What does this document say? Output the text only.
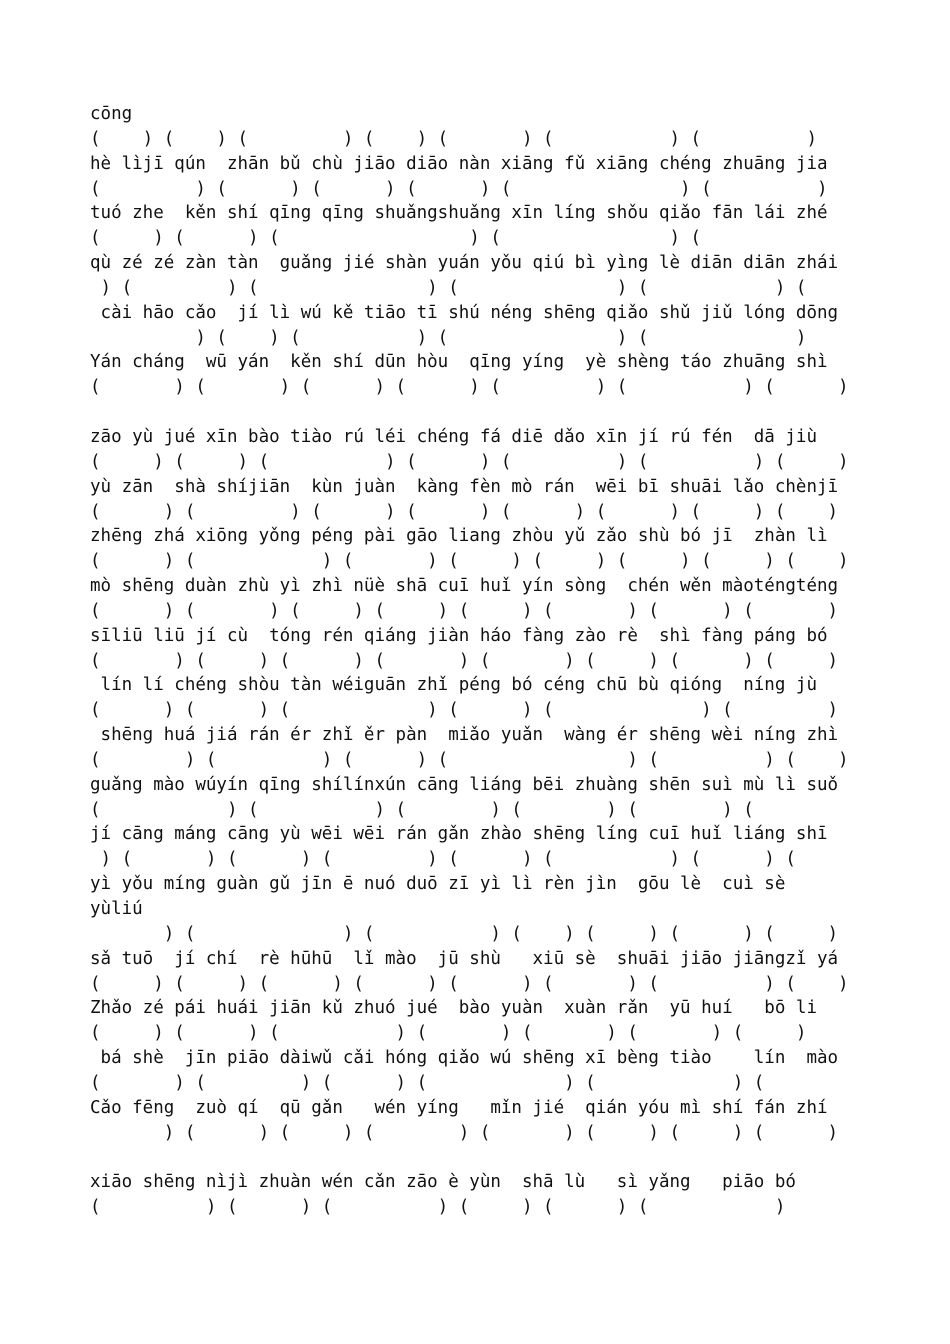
cōng
(    ) (    ) (         ) (    ) (       ) (           ) (          )
hè lìjī qún  zhān bǔ chù jiāo diāo nàn xiāng fǔ xiāng chéng zhuāng jia
(         ) (      ) (      ) (      ) (                ) (          )
tuó zhe  kěn shí qīng qīng shuǎngshuǎng xīn líng shǒu qiǎo fān lái zhé
(     ) (      ) (                  ) (                ) (
qù zé zé zàn tàn  guǎng jié shàn yuán yǒu qiú bì yìng lè diān diān zhái
) (         ) (                ) (               ) (            ) (
cài hāo cǎo  jí lì wú kě tiāo tī shú néng shēng qiǎo shǔ jiǔ lóng dōng
) (    ) (           ) (                ) (              )
Yán cháng  wū yán  kěn shí dūn hòu  qīng yíng  yè shèng táo zhuāng shì
(       ) (       ) (      ) (      ) (         ) (           ) (      )
zāo yù jué xīn bào tiào rú léi chéng fá diē dǎo xīn jí rú fén  dā jiù
(     ) (     ) (           ) (      ) (          ) (          ) (     )
yù zān  shà shíjiān  kùn juàn  kàng fèn mò rán  wēi bī shuāi lǎo chènjī
(      ) (         ) (      ) (      ) (      ) (      ) (     ) (    )
zhēng zhá xiōng yǒng péng pài gāo liang zhòu yǔ zǎo shù bó jī  zhàn lì
(      ) (            ) (       ) (     ) (     ) (     ) (     ) (    )
mò shēng duàn zhù yì zhì nüè shā cuī huǐ yín sòng  chén wěn màoténgténg
(      ) (       ) (     ) (     ) (     ) (       ) (      ) (       )
sīliū liū jí cù  tóng rén qiáng jiàn háo fàng zào rè  shì fàng páng bó
(       ) (     ) (      ) (       ) (       ) (     ) (      ) (     )
lín lí chéng shòu tàn wéiguān zhǐ péng bó céng chū bù qióng  níng jù
(      ) (      ) (             ) (      ) (              ) (         )
shēng huá jiá rán ér zhǐ ěr pàn  miǎo yuǎn  wàng ér shēng wèi níng zhì
(        ) (          ) (      ) (                 ) (          ) (    )
guǎng mào wúyín qīng shílínxún cāng liáng bēi zhuàng shēn suì mù lì suǒ
(            ) (           ) (        ) (        ) (        ) (
jí cāng máng cāng yù wēi wēi rán gǎn zhào shēng líng cuī huǐ liáng shī
) (       ) (      ) (         ) (      ) (           ) (      ) (
yì yǒu míng guàn gǔ jīn ē nuó duō zī yì lì rèn jìn  gōu lè  cuì sè
yùliú
) (              ) (           ) (    ) (     ) (      ) (     )
sǎ tuō  jí chí  rè hūhū  lǐ mào  jū shù   xiū sè  shuāi jiāo jiāngzǐ yá
(     ) (     ) (      ) (      ) (      ) (       ) (          ) (    )
Zhǎo zé pái huái jiān kǔ zhuó jué  bào yuàn  xuàn rǎn  yū huí   bō li
(     ) (      ) (           ) (       ) (       ) (       ) (     )
bá shè  jīn piāo dàiwǔ cǎi hóng qiǎo wú shēng xī bèng tiào    lín  mào
(       ) (         ) (      ) (             ) (             ) (
Cǎo fēng  zuò qí  qū gǎn   wén yíng   mǐn jié  qián yóu mì shí fán zhí
) (      ) (     ) (        ) (       ) (     ) (     ) (      )
xiāo shēng nìjì zhuàn wén cǎn zāo è yùn  shā lù   sì yǎng   piāo bó
(          ) (      ) (          ) (     ) (      ) (            )
